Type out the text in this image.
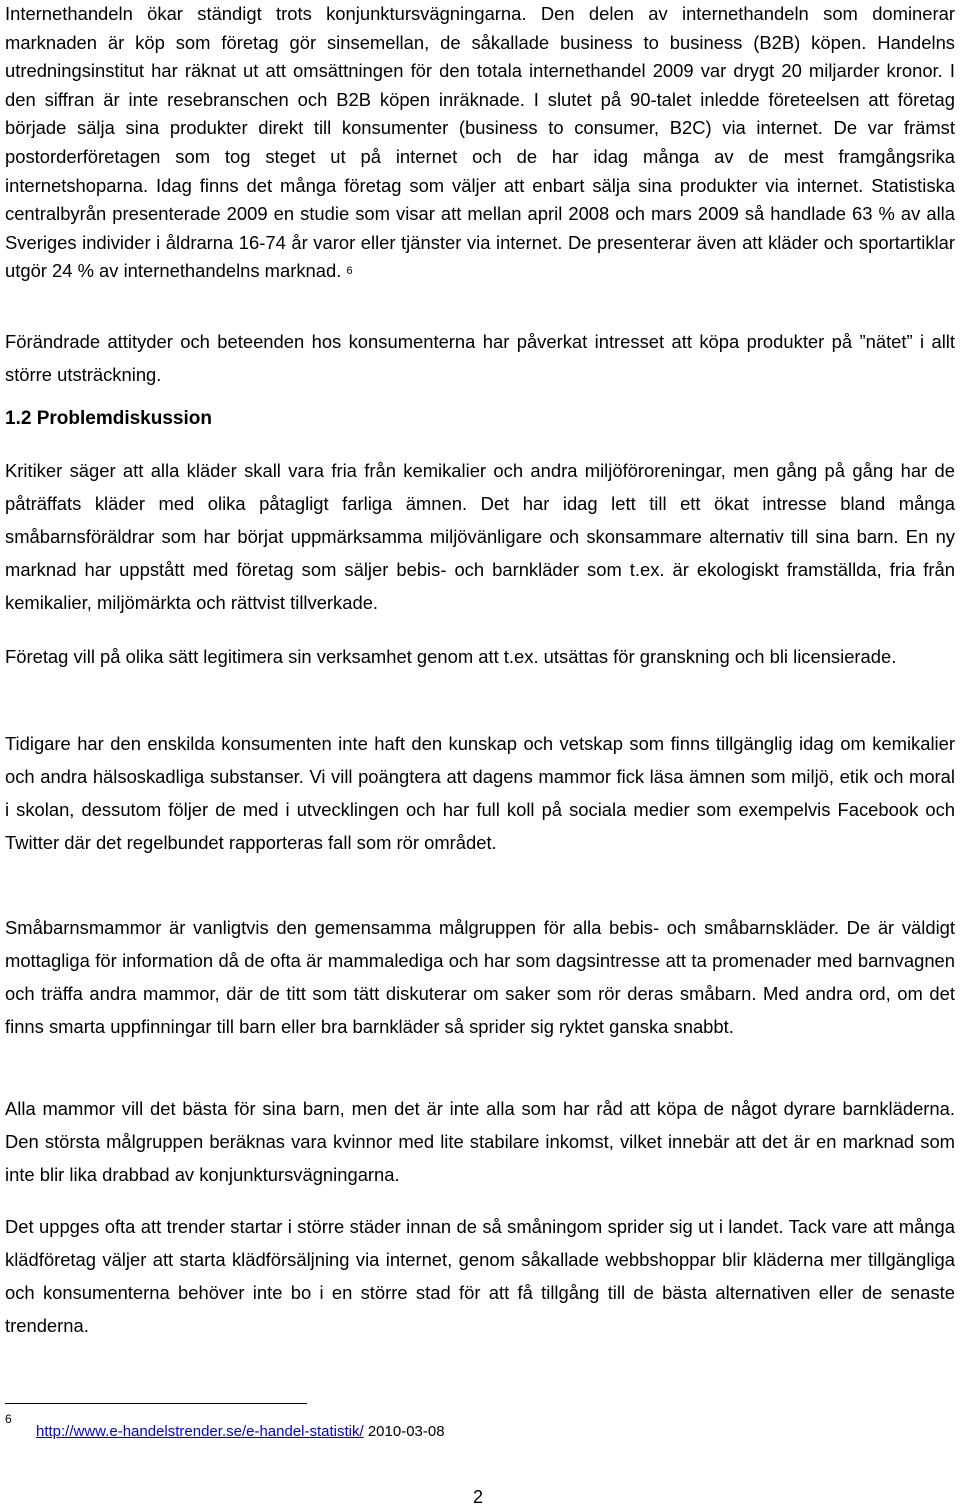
Internethandeln ökar ständigt trots konjunktursvägningarna. Den delen av internethandeln som dominerar marknaden är köp som företag gör sinsemellan, de såkallade business to business (B2B) köpen. Handelns utredningsinstitut har räknat ut att omsättningen för den totala internethandel 2009 var drygt 20 miljarder kronor. I den siffran är inte resebranschen och B2B köpen inräknade. I slutet på 90-talet inledde företeelsen att företag började sälja sina produkter direkt till konsumenter (business to consumer, B2C) via internet. De var främst postorderföretagen som tog steget ut på internet och de har idag många av de mest framgångsrika internetshoparna. Idag finns det många företag som väljer att enbart sälja sina produkter via internet. Statistiska centralbyrån presenterade 2009 en studie som visar att mellan april 2008 och mars 2009 så handlade 63 % av alla Sveriges individer i åldrarna 16-74 år varor eller tjänster via internet. De presenterar även att kläder och sportartiklar utgör 24 % av internethandelns marknad. $^6$

Förändrade attityder och beteenden hos konsumenterna har påverkat intresset att köpa produkter på ”nätet” i allt större utsträckning.

1.2 Problemdiskussion

Kritiker säger att alla kläder skall vara fria från kemikalier och andra miljöföroreningar, men gång på gång har de påträffats kläder med olika påtagligt farliga ämnen. Det har idag lett till ett ökat intresse bland många småbarnsföräldrar som har börjat uppmärksamma miljövänligare och skonsammare alternativ till sina barn. En ny marknad har uppstått med företag som säljer bebis- och barnkläder som t.ex. är ekologiskt framställda, fria från kemikalier, miljömärkta och rättvist tillverkade.

Företag vill på olika sätt legitimera sin verksamhet genom att t.ex. utsättas för granskning och bli licensierade.

Tidigare har den enskilda konsumenten inte haft den kunskap och vetskap som finns tillgänglig idag om kemikalier och andra hälsoskadliga substanser. Vi vill poängtera att dagens mammor fick läsa ämnen som miljö, etik och moral i skolan, dessutom följer de med i utvecklingen och har full koll på sociala medier som exempelvis Facebook och Twitter där det regelbundet rapporteras fall som rör området.

Småbarnsmammor är vanligtvis den gemensamma målgruppen för alla bebis- och småbarnskläder. De är väldigt mottagliga för information då de ofta är mammalediga och har som dagsintresse att ta promenader med barnvagnen och träffa andra mammor, där de titt som tätt diskuterar om saker som rör deras småbarn. Med andra ord, om det finns smarta uppfinningar till barn eller bra barnkläder så sprider sig ryktet ganska snabbt.

Alla mammor vill det bästa för sina barn, men det är inte alla som har råd att köpa de något dyrare barnkläderna. Den största målgruppen beräknas vara kvinnor med lite stabilare inkomst, vilket innebär att det är en marknad som inte blir lika drabbad av konjunktursvägningarna.

Det uppges ofta att trender startar i större städer innan de så småningom sprider sig ut i landet. Tack vare att många klädföretag väljer att starta klädförsäljning via internet, genom såkallade webbshoppar blir kläderna mer tillgängliga och konsumenterna behöver inte bo i en större stad för att få tillgång till de bästa alternativen eller de senaste trenderna.

6
http://www.e-handelstrender.se/e-handel-statistik/ 2010-03-08
2
